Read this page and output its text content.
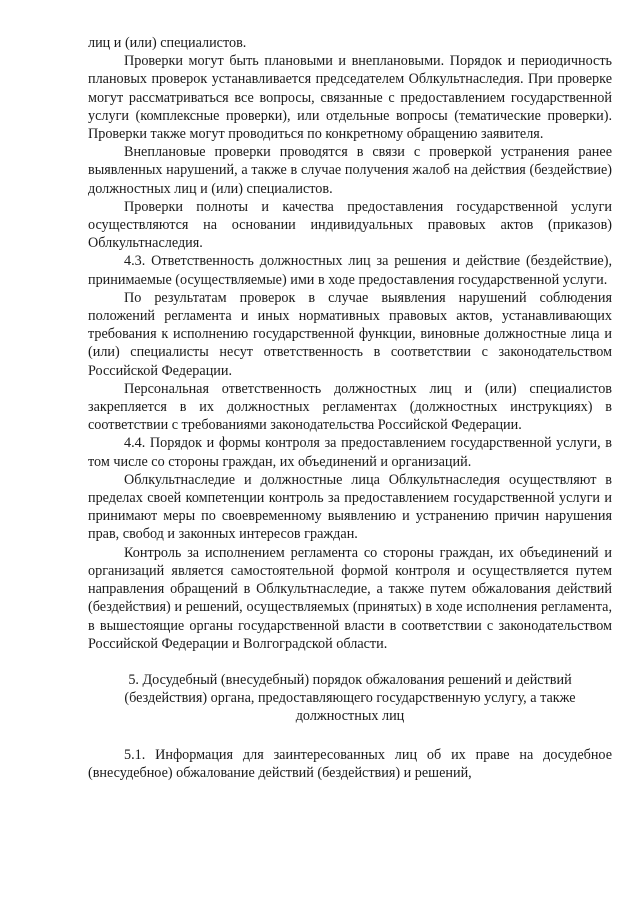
лиц и (или) специалистов.

Проверки могут быть плановыми и внеплановыми. Порядок и периодичность плановых проверок устанавливается председателем Облкультнаследия. При проверке могут рассматриваться все вопросы, связанные с предоставлением государственной услуги (комплексные проверки), или отдельные вопросы (тематические проверки). Проверки также могут проводиться по конкретному обращению заявителя.

Внеплановые проверки проводятся в связи с проверкой устранения ранее выявленных нарушений, а также в случае получения жалоб на действия (бездействие) должностных лиц и (или) специалистов.

Проверки полноты и качества предоставления государственной услуги осуществляются на основании индивидуальных правовых актов (приказов) Облкультнаследия.

4.3. Ответственность должностных лиц за решения и действие (бездействие), принимаемые (осуществляемые) ими в ходе предоставления государственной услуги.

По результатам проверок в случае выявления нарушений соблюдения положений регламента и иных нормативных правовых актов, устанавливающих требования к исполнению государственной функции, виновные должностные лица и (или) специалисты несут ответственность в соответствии с законодательством Российской Федерации.

Персональная ответственность должностных лиц и (или) специалистов закрепляется в их должностных регламентах (должностных инструкциях) в соответствии с требованиями законодательства Российской Федерации.

4.4. Порядок и формы контроля за предоставлением государственной услуги, в том числе со стороны граждан, их объединений и организаций.

Облкультнаследие и должностные лица Облкультнаследия осуществляют в пределах своей компетенции контроль за предоставлением государственной услуги и принимают меры по своевременному выявлению и устранению причин нарушения прав, свобод и законных интересов граждан.

Контроль за исполнением регламента со стороны граждан, их объединений и организаций является самостоятельной формой контроля и осуществляется путем направления обращений в Облкультнаследие, а также путем обжалования действий (бездействия) и решений, осуществляемых (принятых) в ходе исполнения регламента, в вышестоящие органы государственной власти в соответствии с законодательством Российской Федерации и Волгоградской области.

5. Досудебный (внесудебный) порядок обжалования решений и действий (бездействия) органа, предоставляющего государственную услугу, а также должностных лиц

5.1. Информация для заинтересованных лиц об их праве на досудебное (внесудебное) обжалование действий (бездействия) и решений,
